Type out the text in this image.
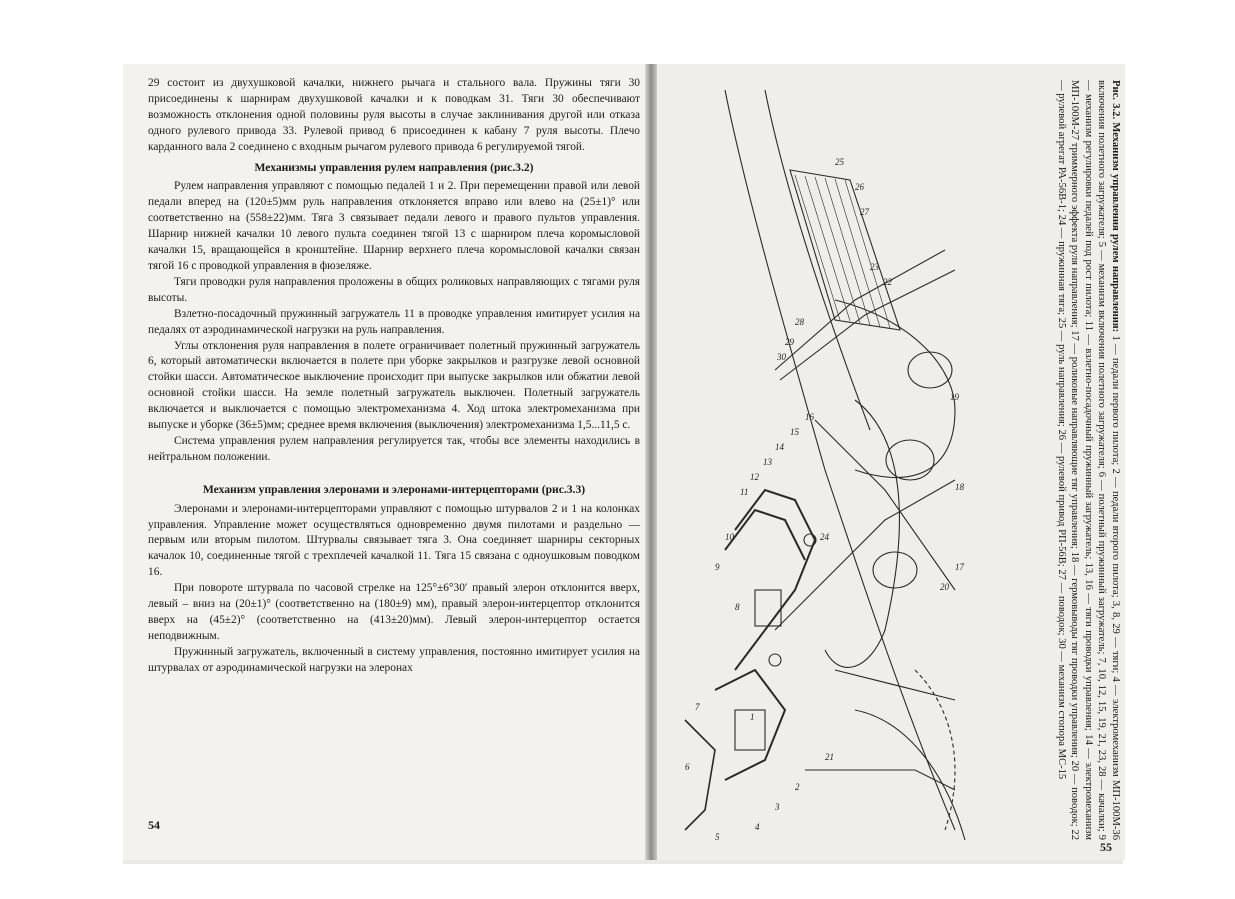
29 состоит из двухушковой качалки, нижнего рычага и стального вала. Пружины тяги 30 присоединены к шарнирам двухушковой качалки и к поводкам 31. Тяги 30 обеспечивают возможность отклонения одной половины руля высоты в случае заклинивания другой или отказа одного рулевого привода 33. Рулевой привод 6 присоединен к кабану 7 руля высоты. Плечо карданного вала 2 соединено с входным рычагом рулевого привода 6 регулируемой тягой.

Механизмы управления рулем направления (рис.3.2)

Рулем направления управляют с помощью педалей 1 и 2. При перемещении правой или левой педали вперед на (120±5)мм руль направления отклоняется вправо или влево на (25±1)° или соответственно на (558±22)мм. Тяга 3 связывает педали левого и правого пультов управления. Шарнир нижней качалки 10 левого пульта соединен тягой 13 с шарниром плеча коромысловой качалки 15, вращающейся в кронштейне. Шарнир верхнего плеча коромысловой качалки связан тягой 16 с проводкой управления в фюзеляже.

Тяги проводки руля направления проложены в общих роликовых направляющих с тягами руля высоты.

Взлетно-посадочный пружинный загружатель 11 в проводке управления имитирует усилия на педалях от аэродинамической нагрузки на руль направления.

Углы отклонения руля направления в полете ограничивает полетный пружинный загружатель 6, который автоматически включается в полете при уборке закрылков и разгрузке левой основной стойки шасси. Автоматическое выключение происходит при выпуске закрылков или обжатии левой основной стойки шасси. На земле полетный загружатель выключен. Полетный загружатель включается и выключается с помощью электромеханизма 4. Ход штока электромеханизма при выпуске и уборке (36±5)мм; среднее время включения (выключения) электромеханизма 1,5...11,5 с.

Система управления рулем направления регулируется так, чтобы все элементы находились в нейтральном положении.

Механизм управления элеронами и элеронами-интерцепторами (рис.3.3)

Элеронами и элеронами-интерцепторами управляют с помощью штурвалов 2 и 1 на колонках управления. Управление может осуществляться одновременно двумя пилотами и раздельно — первым или вторым пилотом. Штурвалы связывает тяга 3. Она соединяет шарниры секторных качалок 10, соединенные тягой с трехплечей качалкой 11. Тяга 15 связана с одноушковым поводком 16.

При повороте штурвала по часовой стрелке на 125°±6°30′ правый элерон отклонится вверх, левый – вниз на (20±1)° (соответственно на (180±9) мм), правый элерон-интерцептор отклонится вверх на (45±2)° (соответственно на (413±20)мм). Левый элерон-интерцептор остается неподвижным.

Пружинный загружатель, включенный в систему управления, постоянно имитирует усилия на штурвалах от аэродинамической нагрузки на элеронах

54
25
26
27
23
22
28
29
30
19
18
17
20
16
15
14
13
12
11
24
10
9
8
7
6
5
4
3
2
1
21
Рис. 3.2. Механизм управления рулем направления: 1 — педали первого пилота; 2 — педали второго пилота; 3, 8, 29 — тяги; 4 — электромеханизм МП-100М-36 включения полетного загружателя; 5 — механизм включения полетного загружателя; 6 — полетный пружинный загружатель; 7, 10, 12, 15, 19, 21, 23, 28 — качалки; 9 — механизм регулировки педалей под рост пилота; 11 — взлетно-посадочный пружинный загружатель; 13, 16 — тяги проводки управления; 14 — электромеханизм МП-100М-27 триммерного эффекта руля направления; 17 — роликовые направляющие тяг управления; 18 — гермовыводы тяг проводки управления; 20 — поводок; 22 — рулевой агрегат РА-56В-1; 24 — пружинная тяга; 25 — руль направления; 26 — рулевой привод РП-56В; 27 — поводок; 30 — механизм стопора МС-15
55
